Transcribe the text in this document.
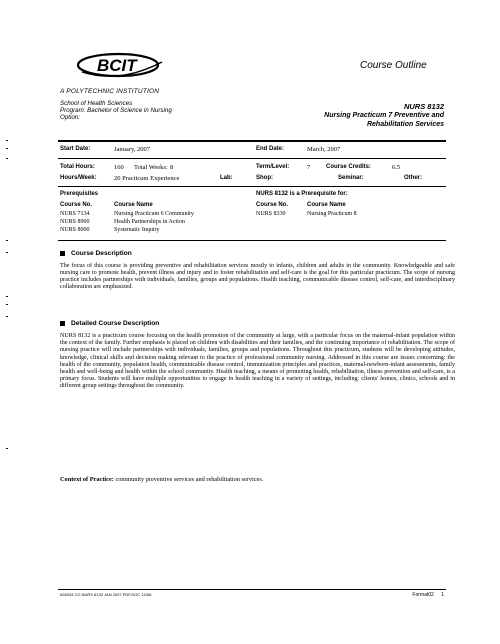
BCIT	Course Outline
A POLYTECHNIC INSTITUTION
School of Health Sciences
Program: Bachelor of Science in Nursing
Option:
NURS 8132
Nursing Practicum 7 Preventive and
Rehabilitation Services
Start Date:	January, 2007	End Date:	March, 2007
Total Hours:	160 Total Weeks: 8	Term/Level:	7	Course Credits:	6.5
Hours/Week:	20 Practicum Experience	Lab:	Shop:	Seminar:	Other:
Prerequisites
Course No.	Course Name
NURS 7134	Nursing Practicum 6 Community
NURS 8900	Health Partnerships in Action
NURS 8000	Systematic Inquiry
NURS 8132 is a Prerequisite for:
Course No.	Course Name
NURS 8330	Nursing Practicum 8
Course Description
The focus of this course is providing preventive and rehabilitation services mostly to infants, children and adults in the community. Knowledgeable and safe nursing care to promote health, prevent illness and injury and to foster rehabilitation and self-care is the goal for this particular practicum. The scope of nursing practice includes partnerships with individuals, families, groups and populations. Health teaching, communicable disease control, self-care, and interdisciplinary collaboration are emphasized.
Detailed Course Description
NURS 8132 is a practicum course focusing on the health promotion of the community at large, with a particular focus on the maternal-infant population within the context of the family. Further emphasis is placed on children with disabilities and their families, and the continuing importance of rehabilitation. The scope of nursing practice will include partnerships with individuals, families, groups and populations. Throughout this practicum, students will be developing attitudes, knowledge, clinical skills and decision making relevant to the practice of professional community nursing. Addressed in this course are issues concerning: the health of the community, population health, communicable disease control, immunization principles and practices, maternal-newborn-infant assessments, family health and well-being and health within the school community. Health teaching, a means of promoting health, rehabilitation, illness prevention and self-care, is a primary focus. Students will have multiple opportunities to engage in health teaching in a variety of settings, including: clients' homes, clinics, schools and in different group settings throughout the community.
Context of Practice: community preventive services and rehabilitation services.
826333 CO NURS 8132 JAN 2007 PDF.DOC 12/06	Format02 1
